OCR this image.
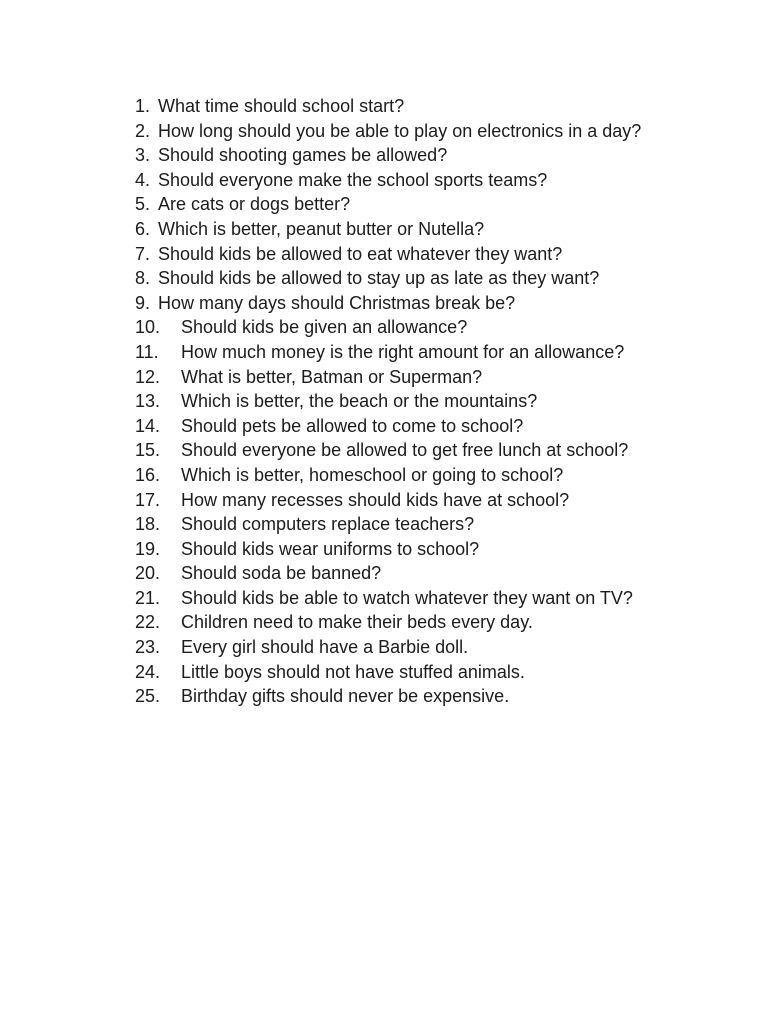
1. What time should school start?
2. How long should you be able to play on electronics in a day?
3. Should shooting games be allowed?
4. Should everyone make the school sports teams?
5. Are cats or dogs better?
6. Which is better, peanut butter or Nutella?
7. Should kids be allowed to eat whatever they want?
8. Should kids be allowed to stay up as late as they want?
9. How many days should Christmas break be?
10. Should kids be given an allowance?
11. How much money is the right amount for an allowance?
12.	What is better, Batman or Superman?
13.	Which is better, the beach or the mountains?
14.	Should pets be allowed to come to school?
15.	Should everyone be allowed to get free lunch at school?
16.	Which is better, homeschool or going to school?
17.	How many recesses should kids have at school?
18.	Should computers replace teachers?
19.	Should kids wear uniforms to school?
20.	Should soda be banned?
21.	Should kids be able to watch whatever they want on TV?
22.	Children need to make their beds every day.
23.	Every girl should have a Barbie doll.
24.	Little boys should not have stuffed animals.
25.	Birthday gifts should never be expensive.
